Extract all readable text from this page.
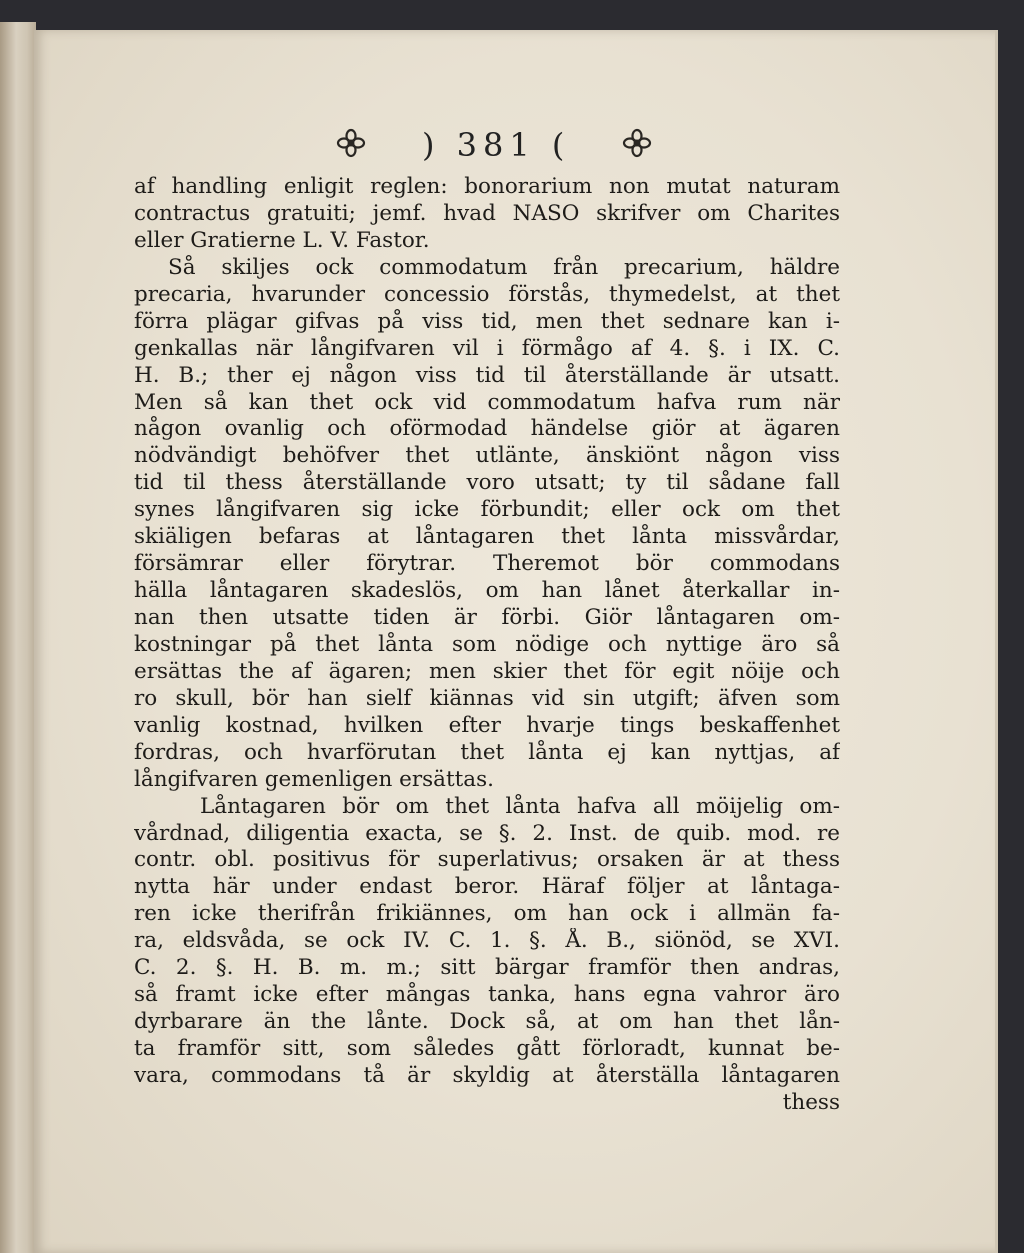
) 381 (
af handling enligit reglen: bonorarium non mutat naturam
contractus gratuiti; jemf. hvad NASO skrifver om Charites
eller Gratierne L. V. Fastor.
Så skiljes ock commodatum från precarium, häldre
precaria, hvarunder concessio förstås, thymedelst, at thet
förra plägar gifvas på viss tid, men thet sednare kan i-
genkallas när långifvaren vil i förmågo af 4. §. i IX. C.
H. B.; ther ej någon viss tid til återställande är utsatt.
Men så kan thet ock vid commodatum hafva rum när
någon ovanlig och oförmodad händelse giör at ägaren
nödvändigt behöfver thet utlänte, änskiönt någon viss
tid til thess återställande voro utsatt; ty til sådane fall
synes långifvaren sig icke förbundit; eller ock om thet
skiäligen befaras at låntagaren thet lånta missvårdar,
försämrar eller förytrar. Theremot bör commodans
hälla låntagaren skadeslös, om han lånet återkallar in-
nan then utsatte tiden är förbi. Giör låntagaren om-
kostningar på thet lånta som nödige och nyttige äro så
ersättas the af ägaren; men skier thet för egit nöije och
ro skull, bör han sielf kiännas vid sin utgift; äfven som
vanlig kostnad, hvilken efter hvarje tings beskaffenhet
fordras, och hvarförutan thet lånta ej kan nyttjas, af
långifvaren gemenligen ersättas.
Låntagaren bör om thet lånta hafva all möijelig om-
vårdnad, diligentia exacta, se §. 2. Inst. de quib. mod. re
contr. obl. positivus för superlativus; orsaken är at thess
nytta här under endast beror. Häraf följer at låntaga-
ren icke therifrån frikiännes, om han ock i allmän fa-
ra, eldsvåda, se ock IV. C. 1. §. Å. B., siönöd, se XVI.
C. 2. §. H. B. m. m.; sitt bärgar framför then andras,
så framt icke efter mångas tanka, hans egna vahror äro
dyrbarare än the lånte. Dock så, at om han thet lån-
ta framför sitt, som således gått förloradt, kunnat be-
vara, commodans tå är skyldig at återställa låntagaren
thess
